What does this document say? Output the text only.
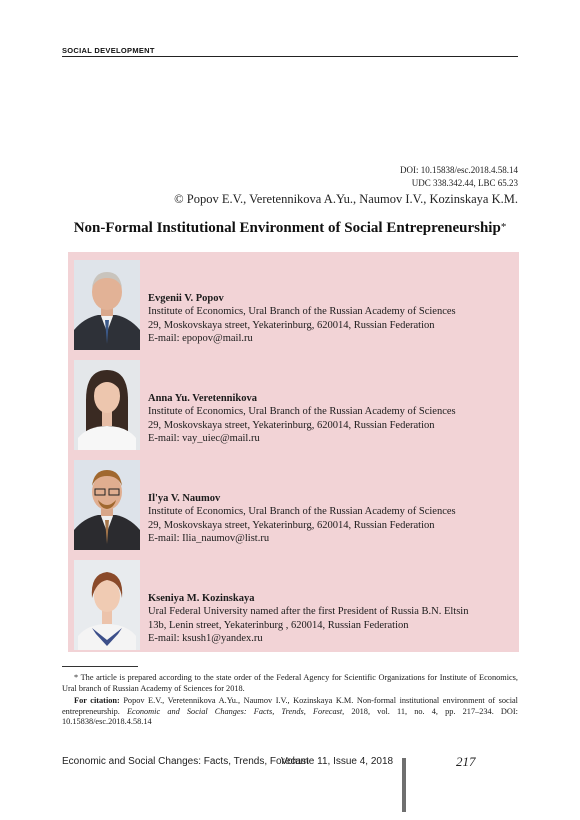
SOCIAL DEVELOPMENT
DOI: 10.15838/esc.2018.4.58.14
UDC 338.342.44, LBC 65.23
© Popov E.V., Veretennikova A.Yu., Naumov I.V., Kozinskaya K.M.
Non-Formal Institutional Environment of Social Entrepreneurship*
Evgenii V. Popov
Institute of Economics, Ural Branch of the Russian Academy of Sciences
29, Moskovskaya street, Yekaterinburg, 620014, Russian Federation
E-mail: epopov@mail.ru
Anna Yu. Veretennikova
Institute of Economics, Ural Branch of the Russian Academy of Sciences
29, Moskovskaya street, Yekaterinburg, 620014, Russian Federation
E-mail: vay_uiec@mail.ru
Il'ya V. Naumov
Institute of Economics, Ural Branch of the Russian Academy of Sciences
29, Moskovskaya street, Yekaterinburg, 620014, Russian Federation
E-mail: Ilia_naumov@list.ru
Kseniya M. Kozinskaya
Ural Federal University named after the first President of Russia B.N. Eltsin
13b, Lenin street, Yekaterinburg , 620014, Russian Federation
E-mail: ksush1@yandex.ru
* The article is prepared according to the state order of the Federal Agency for Scientific Organizations for Institute of Economics, Ural branch of Russian Academy of Sciences for 2018.
For citation: Popov E.V., Veretennikova A.Yu., Naumov I.V., Kozinskaya K.M. Non-formal institutional environment of social entrepreneurship. Economic and Social Changes: Facts, Trends, Forecast, 2018, vol. 11, no. 4, pp. 217–234. DOI: 10.15838/esc.2018.4.58.14
Economic and Social Changes: Facts, Trends, Forecast
Volume 11, Issue 4, 2018	217
